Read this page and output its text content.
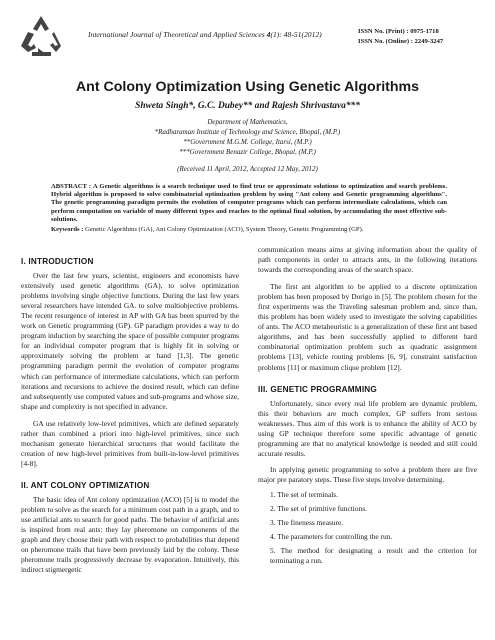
International Journal of Theoretical and Applied Sciences 4(1): 48-51(2012)	ISSN No. (Print) : 0975-1718
ISSN No. (Online) : 2249-3247
Ant Colony Optimization Using Genetic Algorithms
Shweta Singh*, G.C. Dubey** and Rajesh Shrivastava***
Department of Mathematics,
*Radharaman Institute of Technology and Science, Bhopal, (M.P.)
**Government M.G.M. College, Itarsi, (M.P.)
***Government Benazir College, Bhopal, (M.P.)
(Received 11 April, 2012, Accepted 12 May, 2012)
ABSTRACT : A Genetic algorithms is a search technique used to find true or approximate solutions to optimization and search problems. Hybrid algorithm is proposed to solve combinatorial optimization problem by using "Ant colony and Genetic programming algorithms". The genetic programming paradigm permits the evolution of computer programs which can perform intermediate calculations, which can perform computation on variable of many different types and reaches to the optimal final solution, by accumulating the most effective sub-solutions.
Keywords : Genetic Algorithms (GA), Ant Colony Optimization (ACO), System Theory, Genetic Programming (GP).
I. INTRODUCTION

Over the last few years, scientist, engineers and economists have extensively used genetic algorithms (GA), to solve optimization problems involving single objective functions. During the last few years several researchers have intended GA. to solve multiobjective problems. The recent resurgence of interest in AP with GA has been spurred by the work on Genetic programming (GP). GP paradigm provides a way to do program induction by searching the space of possible computer programs for an individual computer program that is highly fit in solving or approximately solving the problem at hand [1,3]. The genetic programming paradigm permit the evolution of computer programs which can performance of intermediate calculations, which can perform iterations and recursions to achieve the dosired result, which can define and subsequently use computed values and sub-programs and whose size, shape and complexity is not specified in advance.

GA use relatively low-level primitives, which are defined separately rather than combined a priori into high-level primitives, since such mechanism generate hierarchical structures that would facilitate the creation of new high-level primitives from built-in-low-level primitives [4-8].

II. ANT COLONY OPTIMIZATION

The basic idea of Ant colony optimization (ACO) [5] is to model the problem to solve as the search for a minimum cost path in a graph, and to use artificial ants to search for good paths. The behavior of artificial ants is inspired from real ants: they lay pheromone on components of the graph and they choose their path with respect to probabilities that depend on pheromone trails that have been previously laid by the colony. These pheromone trails progressively decrease by evaporation. Intuitively, this indirect stigmergetic

communication means aims at giving information about the quality of path components in order to attracts ants, in the following iterations towards the corresponding areas of the search space.

The first ant algorithm to be applied to a discrete optimization problem has been proposed by Dorigo in [5]. The problem chosen for the first experiments was the Traveling salesman problem and, since than, this problem has been widely used to investigate the solving capabilities of ants. The ACO metaheuristic is a generalization of these first ant based algorithms, and has been successfully applied to different hard combinatorial optimization problem such as quadratic assignment problems [13], vehicle routing problems [6, 9], constraint satisfaction problems [11] or maximum clique problem [12].

III. GENETIC PROGRAMMING

Unfortunately, since every real life problem are dynamic problem, this their behaviors are much complex, GP suffers from serious weaknesses. Thus aim of this work is to enhance the ability of ACO by using GP technique therefore some specific advantage of genetic programming are that no analytical knowledge is needed and still could accurate results.

In applying genetic programming to solve a problem there are five major pre paratory steps. These five steps involve determining.

1. The set of terminals.

2. The set of primitive functions.

3. The fineness measure.

4. The parameters for controlling the run.

5. The method for designating a result and the criterion for terminating a run.
